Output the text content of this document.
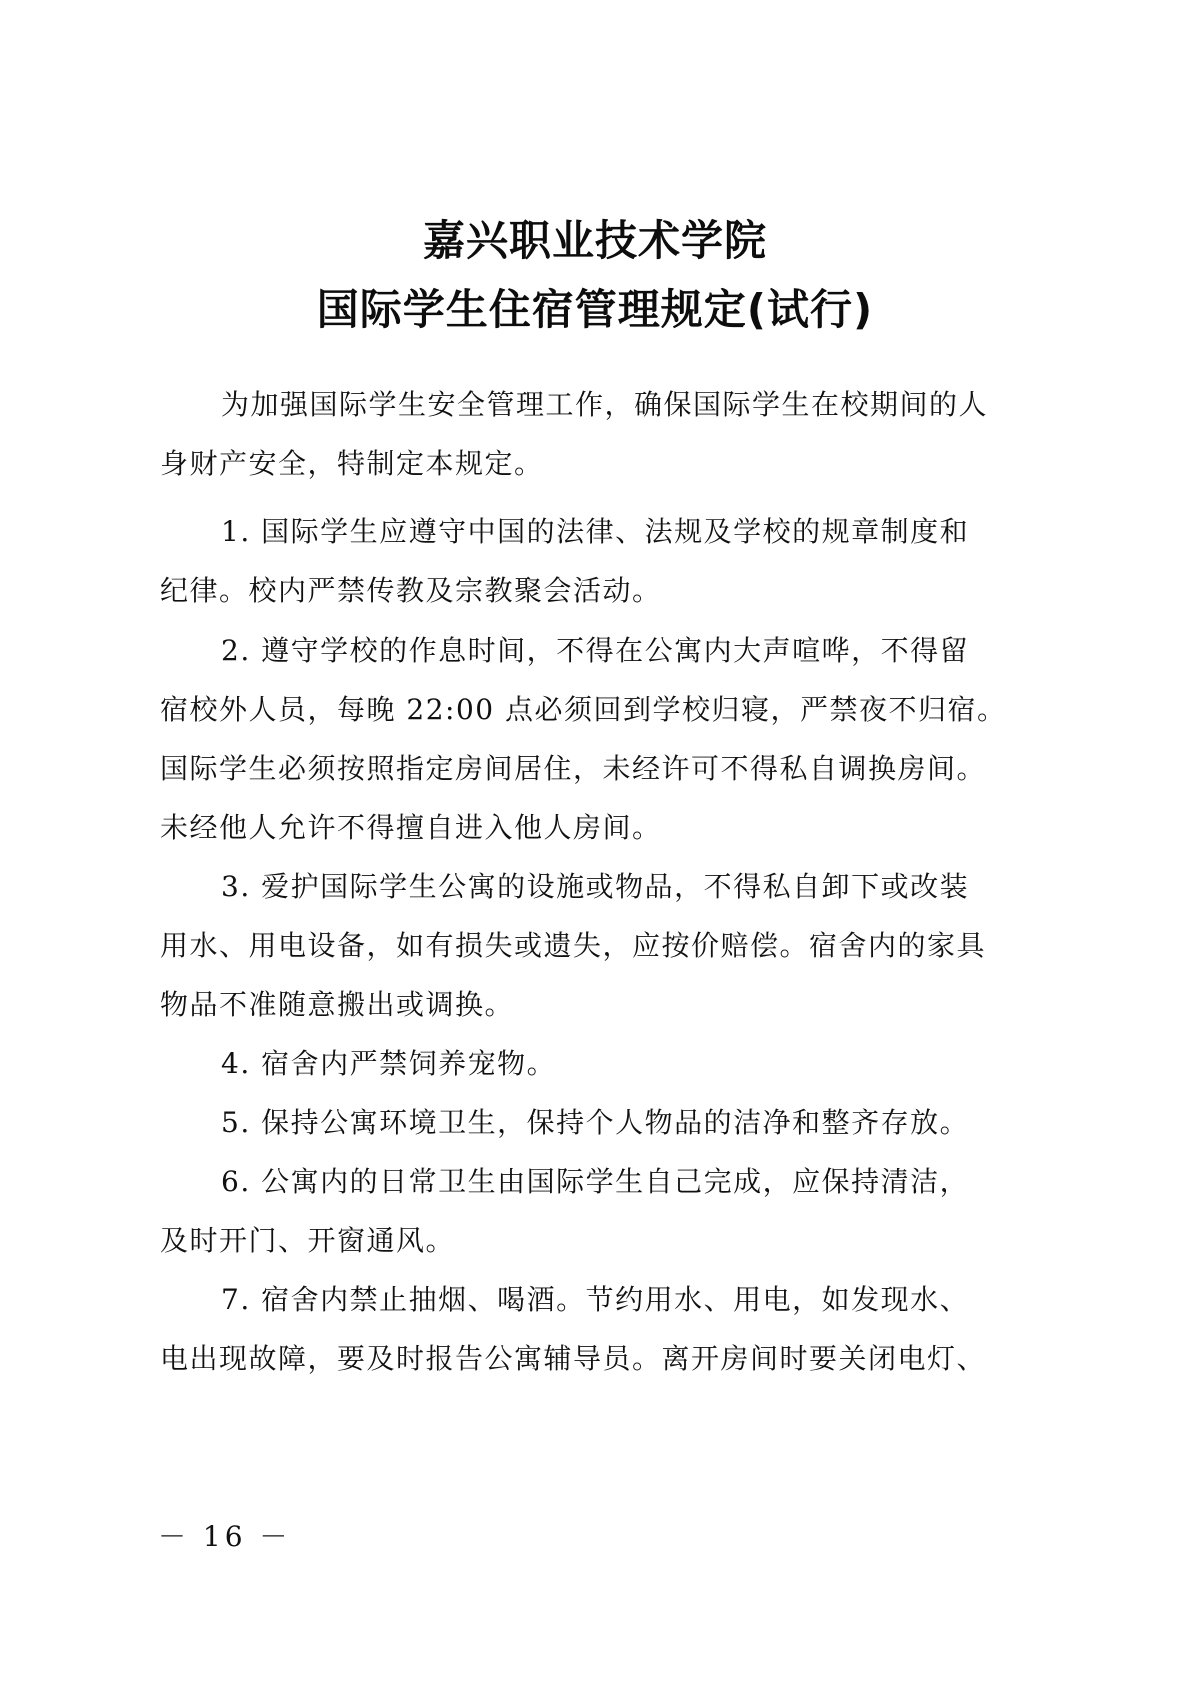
嘉兴职业技术学院
国际学生住宿管理规定(试行)
为加强国际学生安全管理工作，确保国际学生在校期间的人
身财产安全，特制定本规定。
1. 国际学生应遵守中国的法律、法规及学校的规章制度和
纪律。校内严禁传教及宗教聚会活动。
2. 遵守学校的作息时间，不得在公寓内大声喧哗，不得留
宿校外人员，每晚 22:00 点必须回到学校归寝，严禁夜不归宿。
国际学生必须按照指定房间居住，未经许可不得私自调换房间。
未经他人允许不得擅自进入他人房间。
3. 爱护国际学生公寓的设施或物品，不得私自卸下或改装
用水、用电设备，如有损失或遗失，应按价赔偿。宿舍内的家具
物品不准随意搬出或调换。
4. 宿舍内严禁饲养宠物。
5. 保持公寓环境卫生，保持个人物品的洁净和整齐存放。
6. 公寓内的日常卫生由国际学生自己完成，应保持清洁，
及时开门、开窗通风。
7. 宿舍内禁止抽烟、喝酒。节约用水、用电，如发现水、
电出现故障，要及时报告公寓辅导员。离开房间时要关闭电灯、
－ 16 －
